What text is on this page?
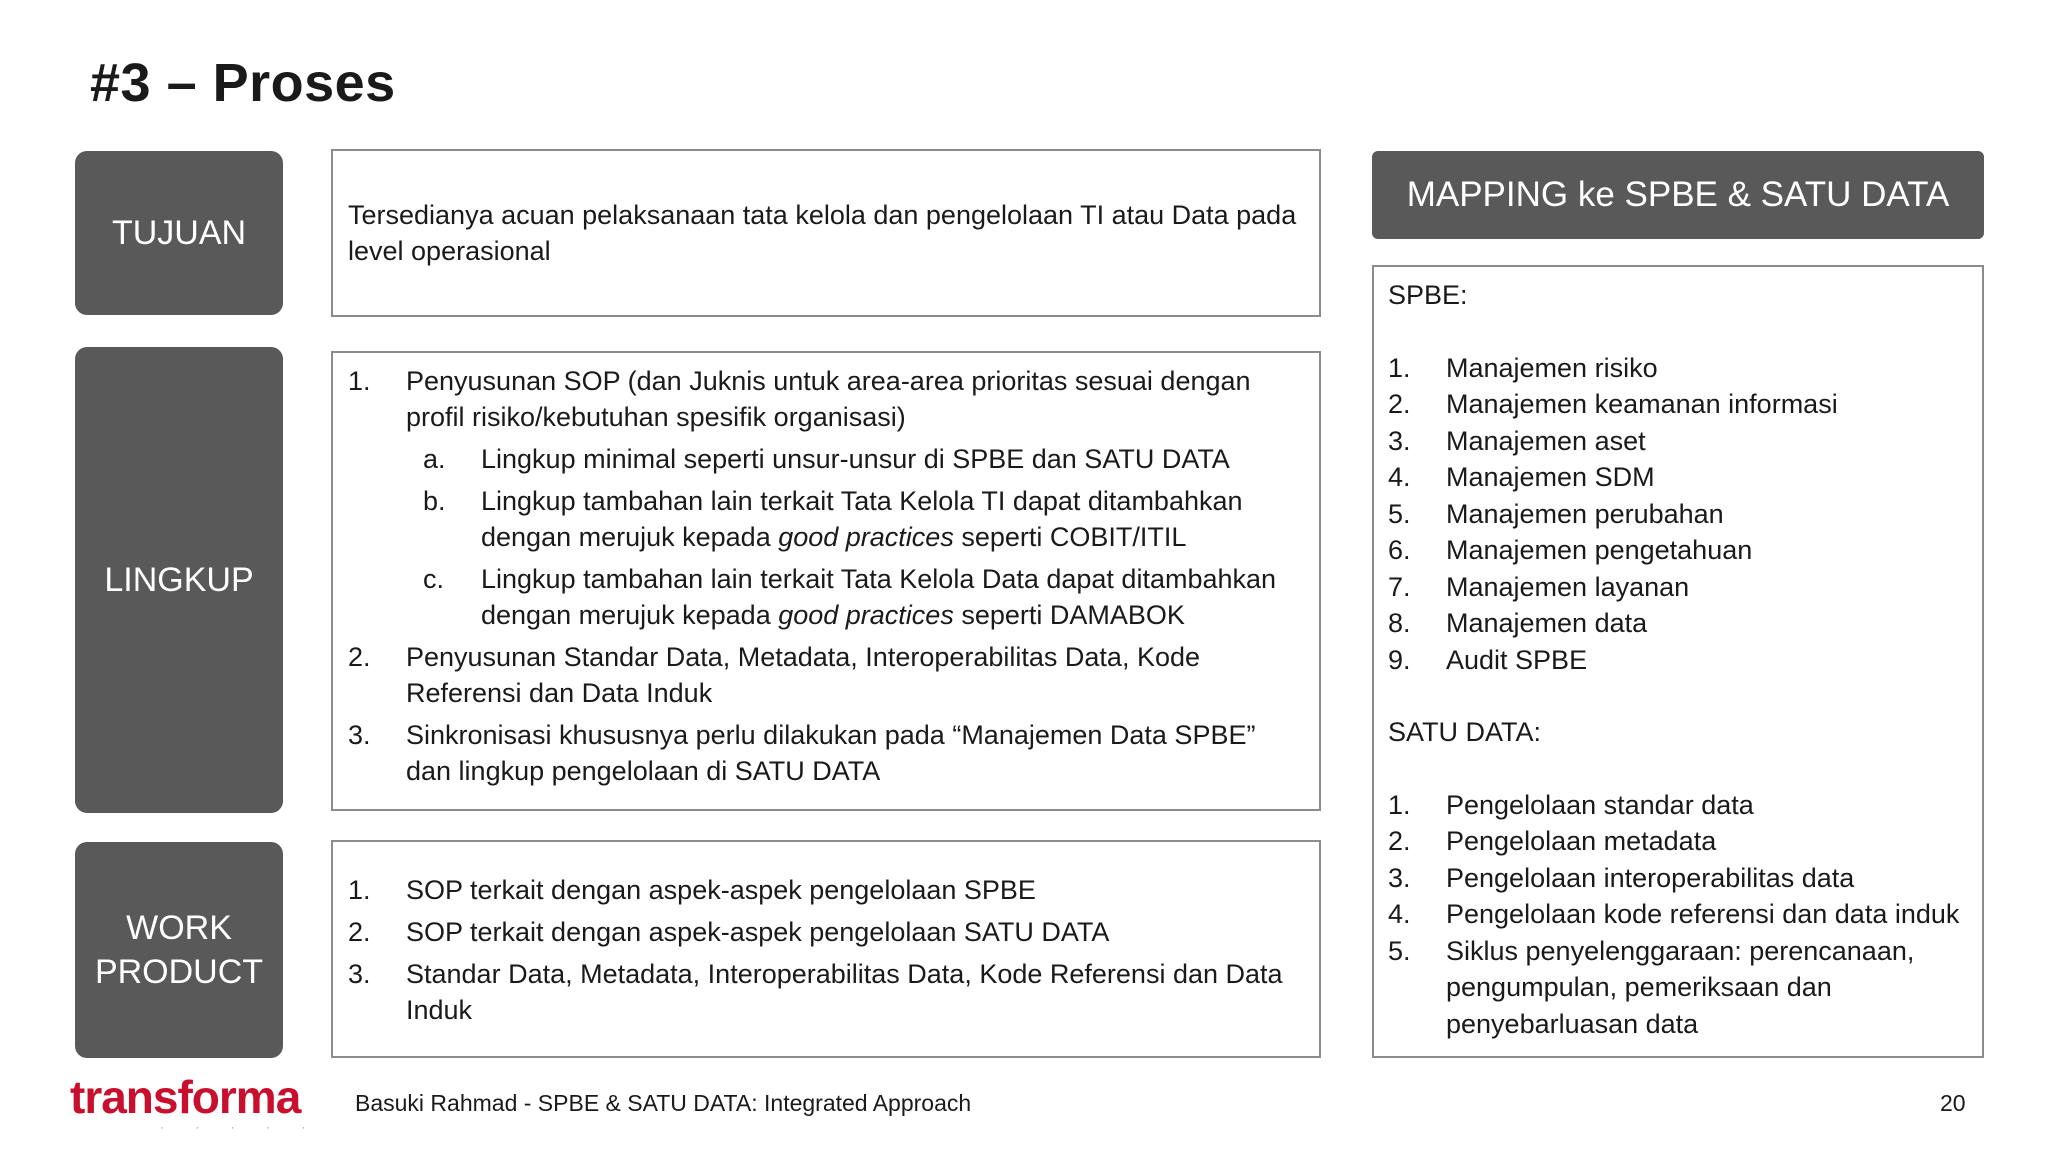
#3 – Proses
TUJUAN	Tersedianya acuan pelaksanaan tata kelola dan pengelolaan TI atau Data pada level operasional

LINGKUP
1.	Penyusunan SOP (dan Juknis untuk area-area prioritas sesuai dengan profil risiko/kebutuhan spesifik organisasi)
a.	Lingkup minimal seperti unsur-unsur di SPBE dan SATU DATA
b.	Lingkup tambahan lain terkait Tata Kelola TI dapat ditambahkan dengan merujuk kepada good practices seperti COBIT/ITIL
c.	Lingkup tambahan lain terkait Tata Kelola Data dapat ditambahkan dengan merujuk kepada good practices seperti DAMABOK
2.	Penyusunan Standar Data, Metadata, Interoperabilitas Data, Kode Referensi dan Data Induk
3.	Sinkronisasi khususnya perlu dilakukan pada “Manajemen Data SPBE” dan lingkup pengelolaan di SATU DATA
WORK
PRODUCT
1.	SOP terkait dengan aspek-aspek pengelolaan SPBE
2.	SOP terkait dengan aspek-aspek pengelolaan SATU DATA
3.	Standar Data, Metadata, Interoperabilitas Data, Kode Referensi dan Data Induk
MAPPING ke SPBE & SATU DATA

SPBE:

1.	Manajemen risiko
2.	Manajemen keamanan informasi
3.	Manajemen aset
4.	Manajemen SDM
5.	Manajemen perubahan
6.	Manajemen pengetahuan
7.	Manajemen layanan
8.	Manajemen data
9.	Audit SPBE

SATU DATA:

1.	Pengelolaan standar data
2.	Pengelolaan metadata
3.	Pengelolaan interoperabilitas data
4.	Pengelolaan kode referensi dan data induk
5.	Siklus penyelenggaraan: perencanaan, pengumpulan, pemeriksaan dan penyebarluasan data
transforma
· · · · ·
Basuki Rahmad - SPBE & SATU DATA: Integrated Approach	20
